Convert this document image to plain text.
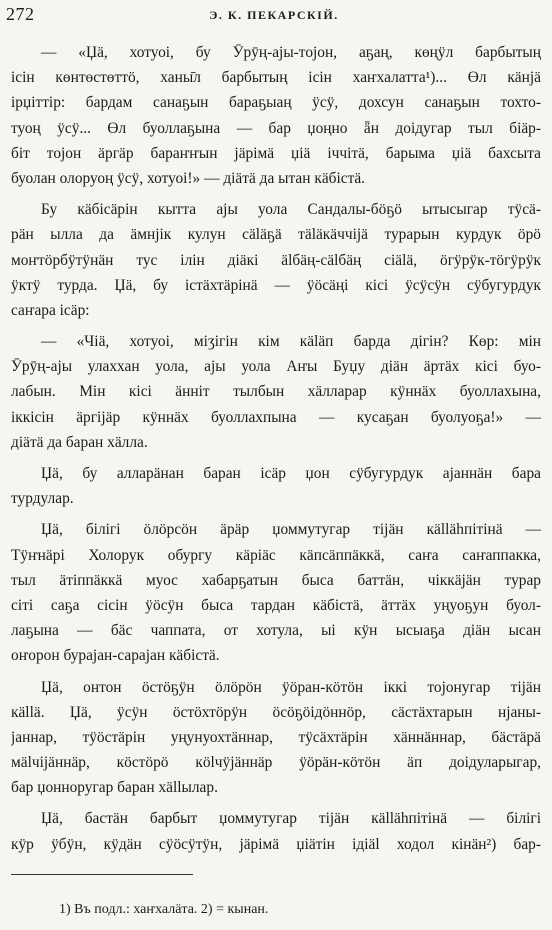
272	Э. К. ПЕКАРСКІЙ.
— «Џä, хотуоі, бу Ӯрӯң-ајы-тојон, аҕаң, көңӱл барбытың
ісін көнтөстөттö, ханы̄л барбытың ісін хаҥхалатта¹)... Өл кäнјä
ірџіттір: бардам санаҕын бараҕыаң ӱсӱ, дохсун санаҕын тохто-
туоң ӱсӱ... Өл буоллаҕына — бар џоңно ǟн доідугар тыл біäр-
біт тојон äргäр бараҥҥын јäрімä џіä іччітä, барыма џіä бахсыта
буолан олоруоң ӱсӱ, хотуоі!» — діäтä да ытан кäбістä.
Бу кäбісäрін кытта ајы уола Сандалы-бӧҕӧ ытысыгар тӱсä-
рäн ылла да äмнјік кулун сäläҕä тäläкäччіјä турарын курдук öрö
моҥтöрбӱтӱнäн тус ілін діäкі älбäң-сälбäң сіälä, öгӱрӱк-тöгӱрӱк
ӱктӱ турда. Џä, бу істäхтäрінä — ӱöсäңі кісі ӱсӱсӱн сӱбугурдук
саҥара ісäр:
— «Чіä, хотуоі, міӡігін кім кäläп барда дігін? Көр: мін
Ӯрӯң-ајы улаххан уола, ајы уола Аҥы Буџу діäн äртäх кісі буо-
лабын. Мін кісі äнніт тылбын хäлларар кӱннäх буоллахына,
іккісін äргіјäр кӱннäх буоллахпына — кусаҕан буолуоҕа!» —
діäтä да баран хäлла.
Џä, бу алларäнан баран ісäр џон сӱбугурдук ајаннäн бара
турдулар.
Џä, білігі öлöрсöн äрäр џоммутугар тіјäн кällähпітінä —
Тӱҥнäрі Холорук обургу кäріäс кäпсäппäккä, саҥа саҥаппакка,
тыл äтіппäккä муос хабарҕатын быса баттäн, чіккäјäн турар
сіті саҕа сісін ӱöсӱн быса тардан кäбістä, äттäх уңуоҕун буол-
лаҕына — бäс чаппата, от хотула, ыі кӱн ысыаҕа діäн ысан
оҥорон бурајан-сарајан кäбістä.
Џä, онтон öстöҕӱн öлöрöн ӱöран-кöтöн іккі тојонугар тіјäн
кällä. Џä, ӱсӱн öстöхтöрӱн öсöҕöідöннöр, сäстäхтарын нјаны-
јаннар, тӱöстäрін уңунуохтäннар, тӱсäхтäрін хäннäннар, бäстäрä
мälчіјäннäр, кöстöрö кölчӱјäннäр ӱöрäн-кöтöн äп доідуларыгар,
бар џонноругар баран хällылар.
Џä, бастäн барбыт џоммутугар тіјäн кällähпітінä — білігі
кӱр ӱбӱн, кӱдäн сӱöсӱтӱн, јäрімä џіäтін ідіäl ходол кінäн²) бар-
1) Въ подл.: хаҥхалäта. 2) = кынан.
